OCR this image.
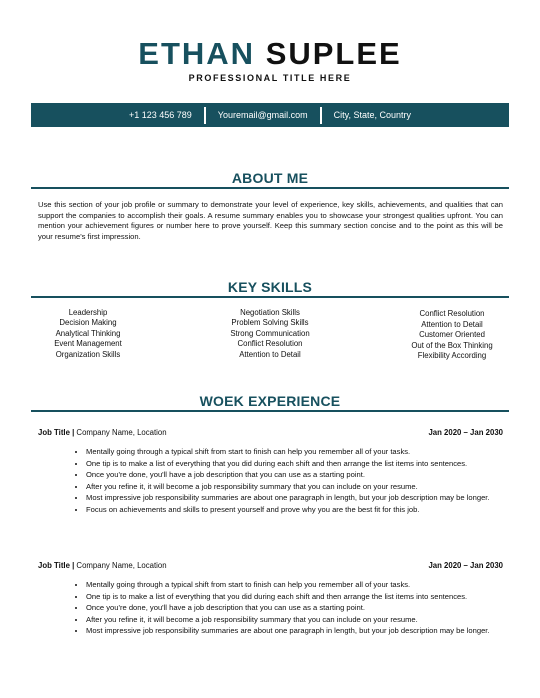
ETHAN SUPLEE
PROFESSIONAL TITLE HERE
+1 123 456 789	Youremail@gmail.com	City, State, Country
ABOUT ME
Use this section of your job profile or summary to demonstrate your level of experience, key skills, achievements, and qualities that can support the companies to accomplish their goals. A resume summary enables you to showcase your strongest qualities upfront. You can mention your achievement figures or number here to prove yourself. Keep this summary section concise and to the point as this will be your resume's first impression.
KEY SKILLS
Leadership
Decision Making
Analytical Thinking
Event Management
Organization Skills
Negotiation Skills
Problem Solving Skills
Strong Communication
Conflict Resolution
Attention to Detail
Conflict Resolution
Attention to Detail
Customer Oriented
Out of the Box Thinking
Flexibility According
WOEK EXPERIENCE
Job Title | Company Name, Location	Jan 2020 – Jan 2030
• Mentally going through a typical shift from start to finish can help you remember all of your tasks.
• One tip is to make a list of everything that you did during each shift and then arrange the list items into sentences.
• Once you're done, you'll have a job description that you can use as a starting point.
• After you refine it, it will become a job responsibility summary that you can include on your resume.
• Most impressive job responsibility summaries are about one paragraph in length, but your job description may be longer.
• Focus on achievements and skills to present yourself and prove why you are the best fit for this job.
Job Title | Company Name, Location	Jan 2020 – Jan 2030
• Mentally going through a typical shift from start to finish can help you remember all of your tasks.
• One tip is to make a list of everything that you did during each shift and then arrange the list items into sentences.
• Once you're done, you'll have a job description that you can use as a starting point.
• After you refine it, it will become a job responsibility summary that you can include on your resume.
• Most impressive job responsibility summaries are about one paragraph in length, but your job description may be longer.
